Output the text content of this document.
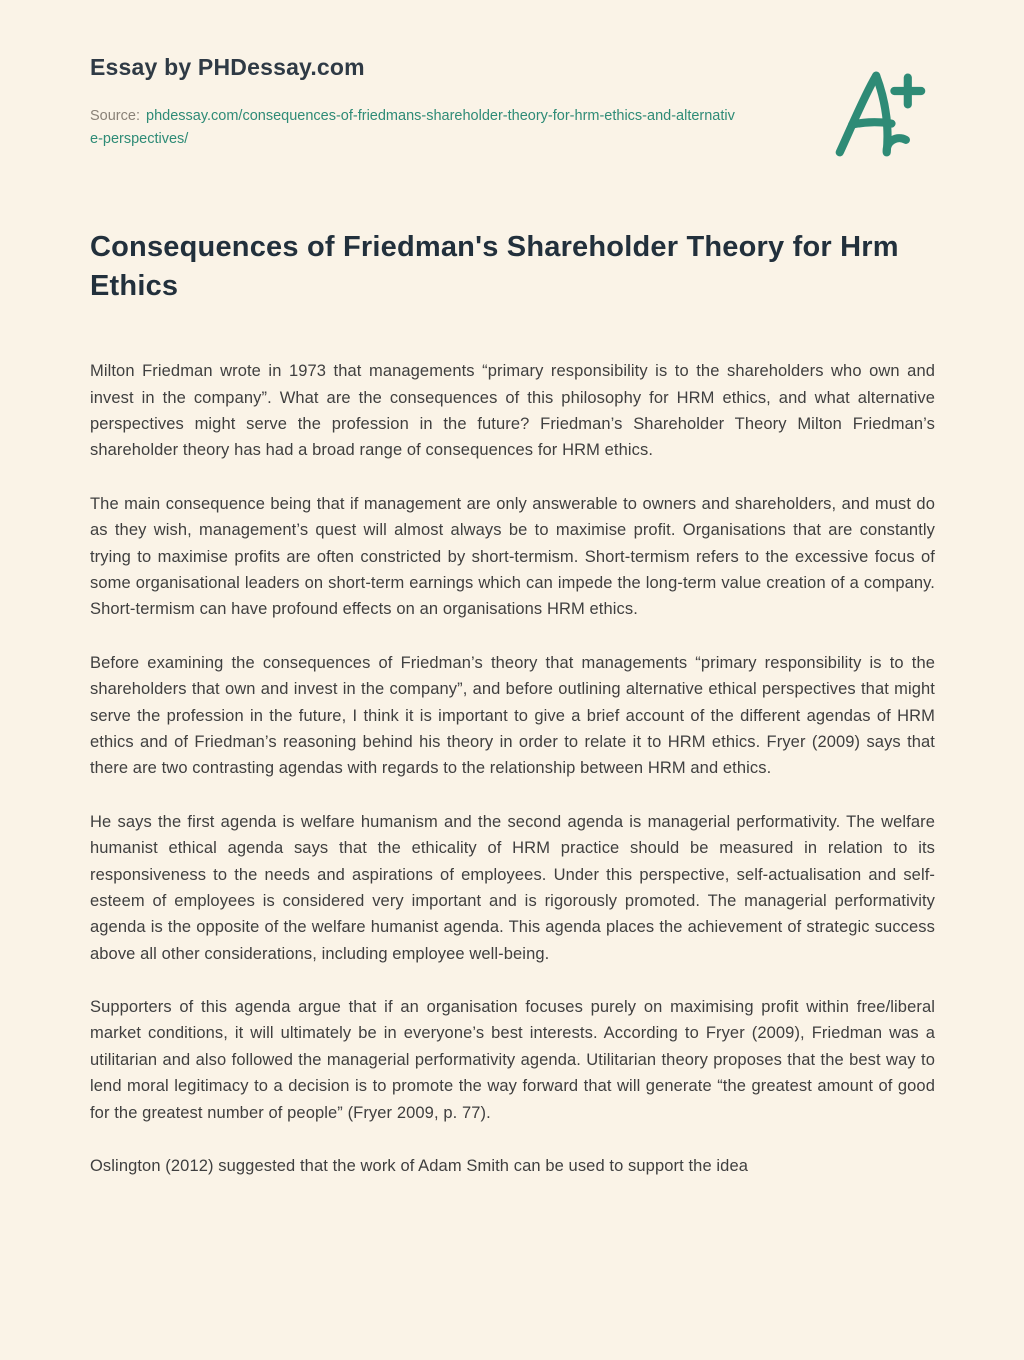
Essay by PHDessay.com
Source: phdessay.com/consequences-of-friedmans-shareholder-theory-for-hrm-ethics-and-alternative-perspectives/
Consequences of Friedman's Shareholder Theory for Hrm Ethics

Milton Friedman wrote in 1973 that managements “primary responsibility is to the shareholders who own and invest in the company”. What are the consequences of this philosophy for HRM ethics, and what alternative perspectives might serve the profession in the future? Friedman’s Shareholder Theory Milton Friedman’s shareholder theory has had a broad range of consequences for HRM ethics.

The main consequence being that if management are only answerable to owners and shareholders, and must do as they wish, management’s quest will almost always be to maximise profit. Organisations that are constantly trying to maximise profits are often constricted by short-termism. Short-termism refers to the excessive focus of some organisational leaders on short-term earnings which can impede the long-term value creation of a company. Short-termism can have profound effects on an organisations HRM ethics.

Before examining the consequences of Friedman’s theory that managements “primary responsibility is to the shareholders that own and invest in the company”, and before outlining alternative ethical perspectives that might serve the profession in the future, I think it is important to give a brief account of the different agendas of HRM ethics and of Friedman’s reasoning behind his theory in order to relate it to HRM ethics. Fryer (2009) says that there are two contrasting agendas with regards to the relationship between HRM and ethics.

He says the first agenda is welfare humanism and the second agenda is managerial performativity. The welfare humanist ethical agenda says that the ethicality of HRM practice should be measured in relation to its responsiveness to the needs and aspirations of employees. Under this perspective, self-actualisation and self-esteem of employees is considered very important and is rigorously promoted. The managerial performativity agenda is the opposite of the welfare humanist agenda. This agenda places the achievement of strategic success above all other considerations, including employee well-being.

Supporters of this agenda argue that if an organisation focuses purely on maximising profit within free/liberal market conditions, it will ultimately be in everyone’s best interests. According to Fryer (2009), Friedman was a utilitarian and also followed the managerial performativity agenda. Utilitarian theory proposes that the best way to lend moral legitimacy to a decision is to promote the way forward that will generate “the greatest amount of good for the greatest number of people” (Fryer 2009, p. 77).

Oslington (2012) suggested that the work of Adam Smith can be used to support the idea
